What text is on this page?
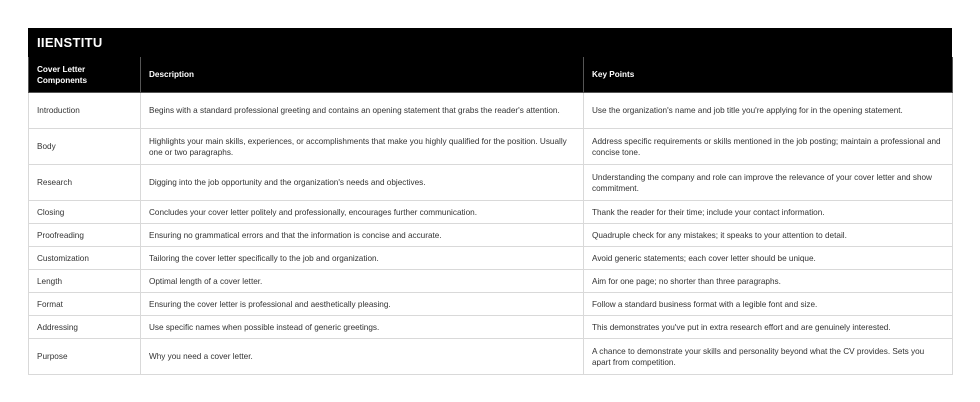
IIENSTITU
Cover Letter Components	Description	Key Points
Introduction	Begins with a standard professional greeting and contains an opening statement that grabs the reader's attention.	Use the organization's name and job title you're applying for in the opening statement.
Body	Highlights your main skills, experiences, or accomplishments that make you highly qualified for the position. Usually one or two paragraphs.	Address specific requirements or skills mentioned in the job posting; maintain a professional and concise tone.
Research	Digging into the job opportunity and the organization's needs and objectives.	Understanding the company and role can improve the relevance of your cover letter and show commitment.
Closing	Concludes your cover letter politely and professionally, encourages further communication.	Thank the reader for their time; include your contact information.
Proofreading	Ensuring no grammatical errors and that the information is concise and accurate.	Quadruple check for any mistakes; it speaks to your attention to detail.
Customization	Tailoring the cover letter specifically to the job and organization.	Avoid generic statements; each cover letter should be unique.
Length	Optimal length of a cover letter.	Aim for one page; no shorter than three paragraphs.
Format	Ensuring the cover letter is professional and aesthetically pleasing.	Follow a standard business format with a legible font and size.
Addressing	Use specific names when possible instead of generic greetings.	This demonstrates you've put in extra research effort and are genuinely interested.
Purpose	Why you need a cover letter.	A chance to demonstrate your skills and personality beyond what the CV provides. Sets you apart from competition.
